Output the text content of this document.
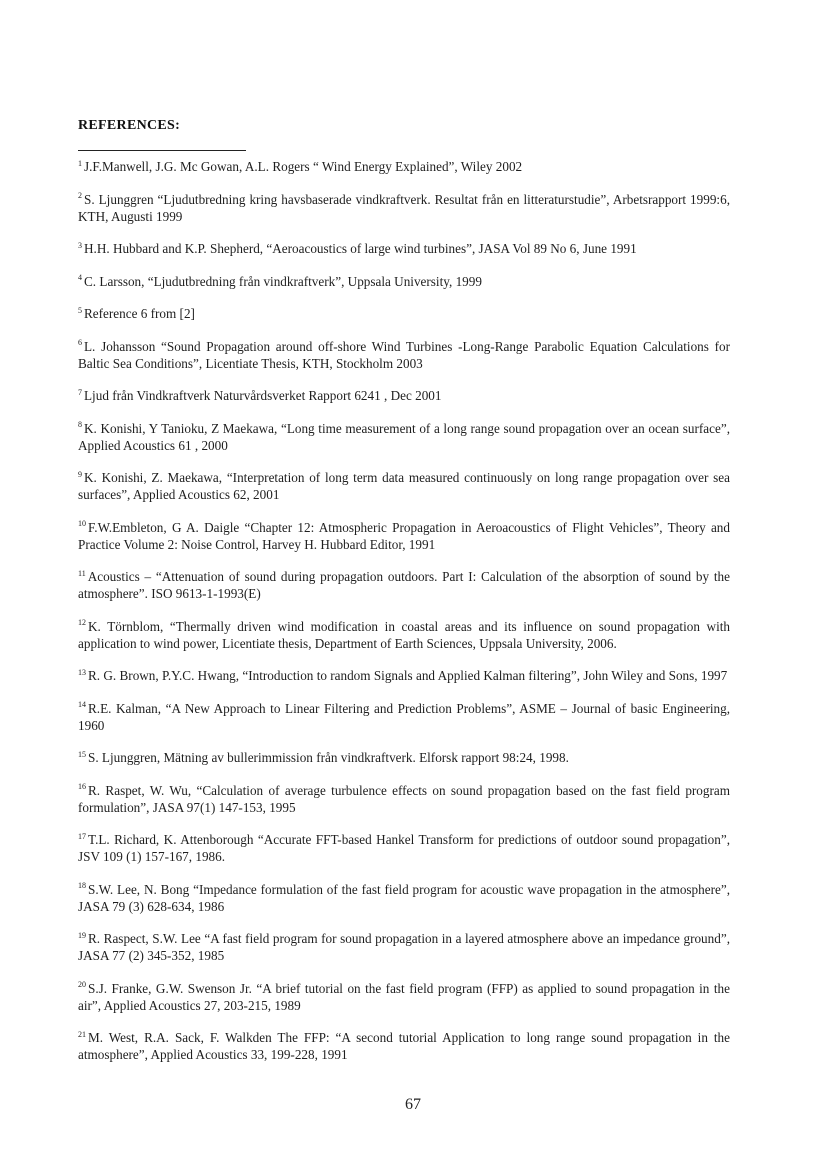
REFERENCES:

$^1$ J.F.Manwell, J.G. Mc Gowan, A.L. Rogers “ Wind Energy Explained”, Wiley 2002

$^2$ S. Ljunggren “Ljudutbredning kring havsbaserade vindkraftverk. Resultat från en litteraturstudie”, Arbetsrapport 1999:6, KTH, Augusti 1999

$^3$ H.H. Hubbard and K.P. Shepherd, “Aeroacoustics of large wind turbines”, JASA Vol 89 No 6, June 1991

$^4$ C. Larsson, “Ljudutbredning från vindkraftverk”, Uppsala University, 1999

$^5$ Reference 6 from [2]

$^6$ L. Johansson “Sound Propagation around off-shore Wind Turbines -Long-Range Parabolic Equation Calculations for Baltic Sea Conditions”, Licentiate Thesis, KTH, Stockholm 2003

$^7$ Ljud från Vindkraftverk Naturvårdsverket Rapport 6241 , Dec 2001

$^8$ K. Konishi, Y Tanioku, Z Maekawa, “Long time measurement of a long range sound propagation over an ocean surface”, Applied Acoustics 61 , 2000

$^9$ K. Konishi, Z. Maekawa, “Interpretation of long term data measured continuously on long range propagation over sea surfaces”, Applied Acoustics 62, 2001

$^{10}$ F.W.Embleton, G A. Daigle “Chapter 12: Atmospheric Propagation in Aeroacoustics of Flight Vehicles”, Theory and Practice Volume 2: Noise Control, Harvey H. Hubbard Editor, 1991

$^{11}$ Acoustics – “Attenuation of sound during propagation outdoors. Part I: Calculation of the absorption of sound by the atmosphere”. ISO 9613-1-1993(E)

$^{12}$ K. Törnblom, “Thermally driven wind modification in coastal areas and its influence on sound propagation with application to wind power, Licentiate thesis, Department of Earth Sciences, Uppsala University, 2006.

$^{13}$ R. G. Brown, P.Y.C. Hwang, “Introduction to random Signals and Applied Kalman filtering”, John Wiley and Sons, 1997

$^{14}$ R.E. Kalman, “A New Approach to Linear Filtering and Prediction Problems”, ASME – Journal of basic Engineering, 1960

$^{15}$ S. Ljunggren, Mätning av bullerimmission från vindkraftverk. Elforsk rapport 98:24, 1998.

$^{16}$ R. Raspet, W. Wu, “Calculation of average turbulence effects on sound propagation based on the fast field program formulation”, JASA 97(1) 147-153, 1995

$^{17}$ T.L. Richard, K. Attenborough “Accurate FFT-based Hankel Transform for predictions of outdoor sound propagation”, JSV 109 (1) 157-167, 1986.

$^{18}$ S.W. Lee, N. Bong “Impedance formulation of the fast field program for acoustic wave propagation in the atmosphere”, JASA 79 (3) 628-634, 1986

$^{19}$ R. Raspect, S.W. Lee “A fast field program for sound propagation in a layered atmosphere above an impedance ground”, JASA 77 (2) 345-352, 1985

$^{20}$ S.J. Franke, G.W. Swenson Jr. “A brief tutorial on the fast field program (FFP) as applied to sound propagation in the air”, Applied Acoustics 27, 203-215, 1989

$^{21}$ M. West, R.A. Sack, F. Walkden The FFP: “A second tutorial Application to long range sound propagation in the atmosphere”, Applied Acoustics 33, 199-228, 1991

67
